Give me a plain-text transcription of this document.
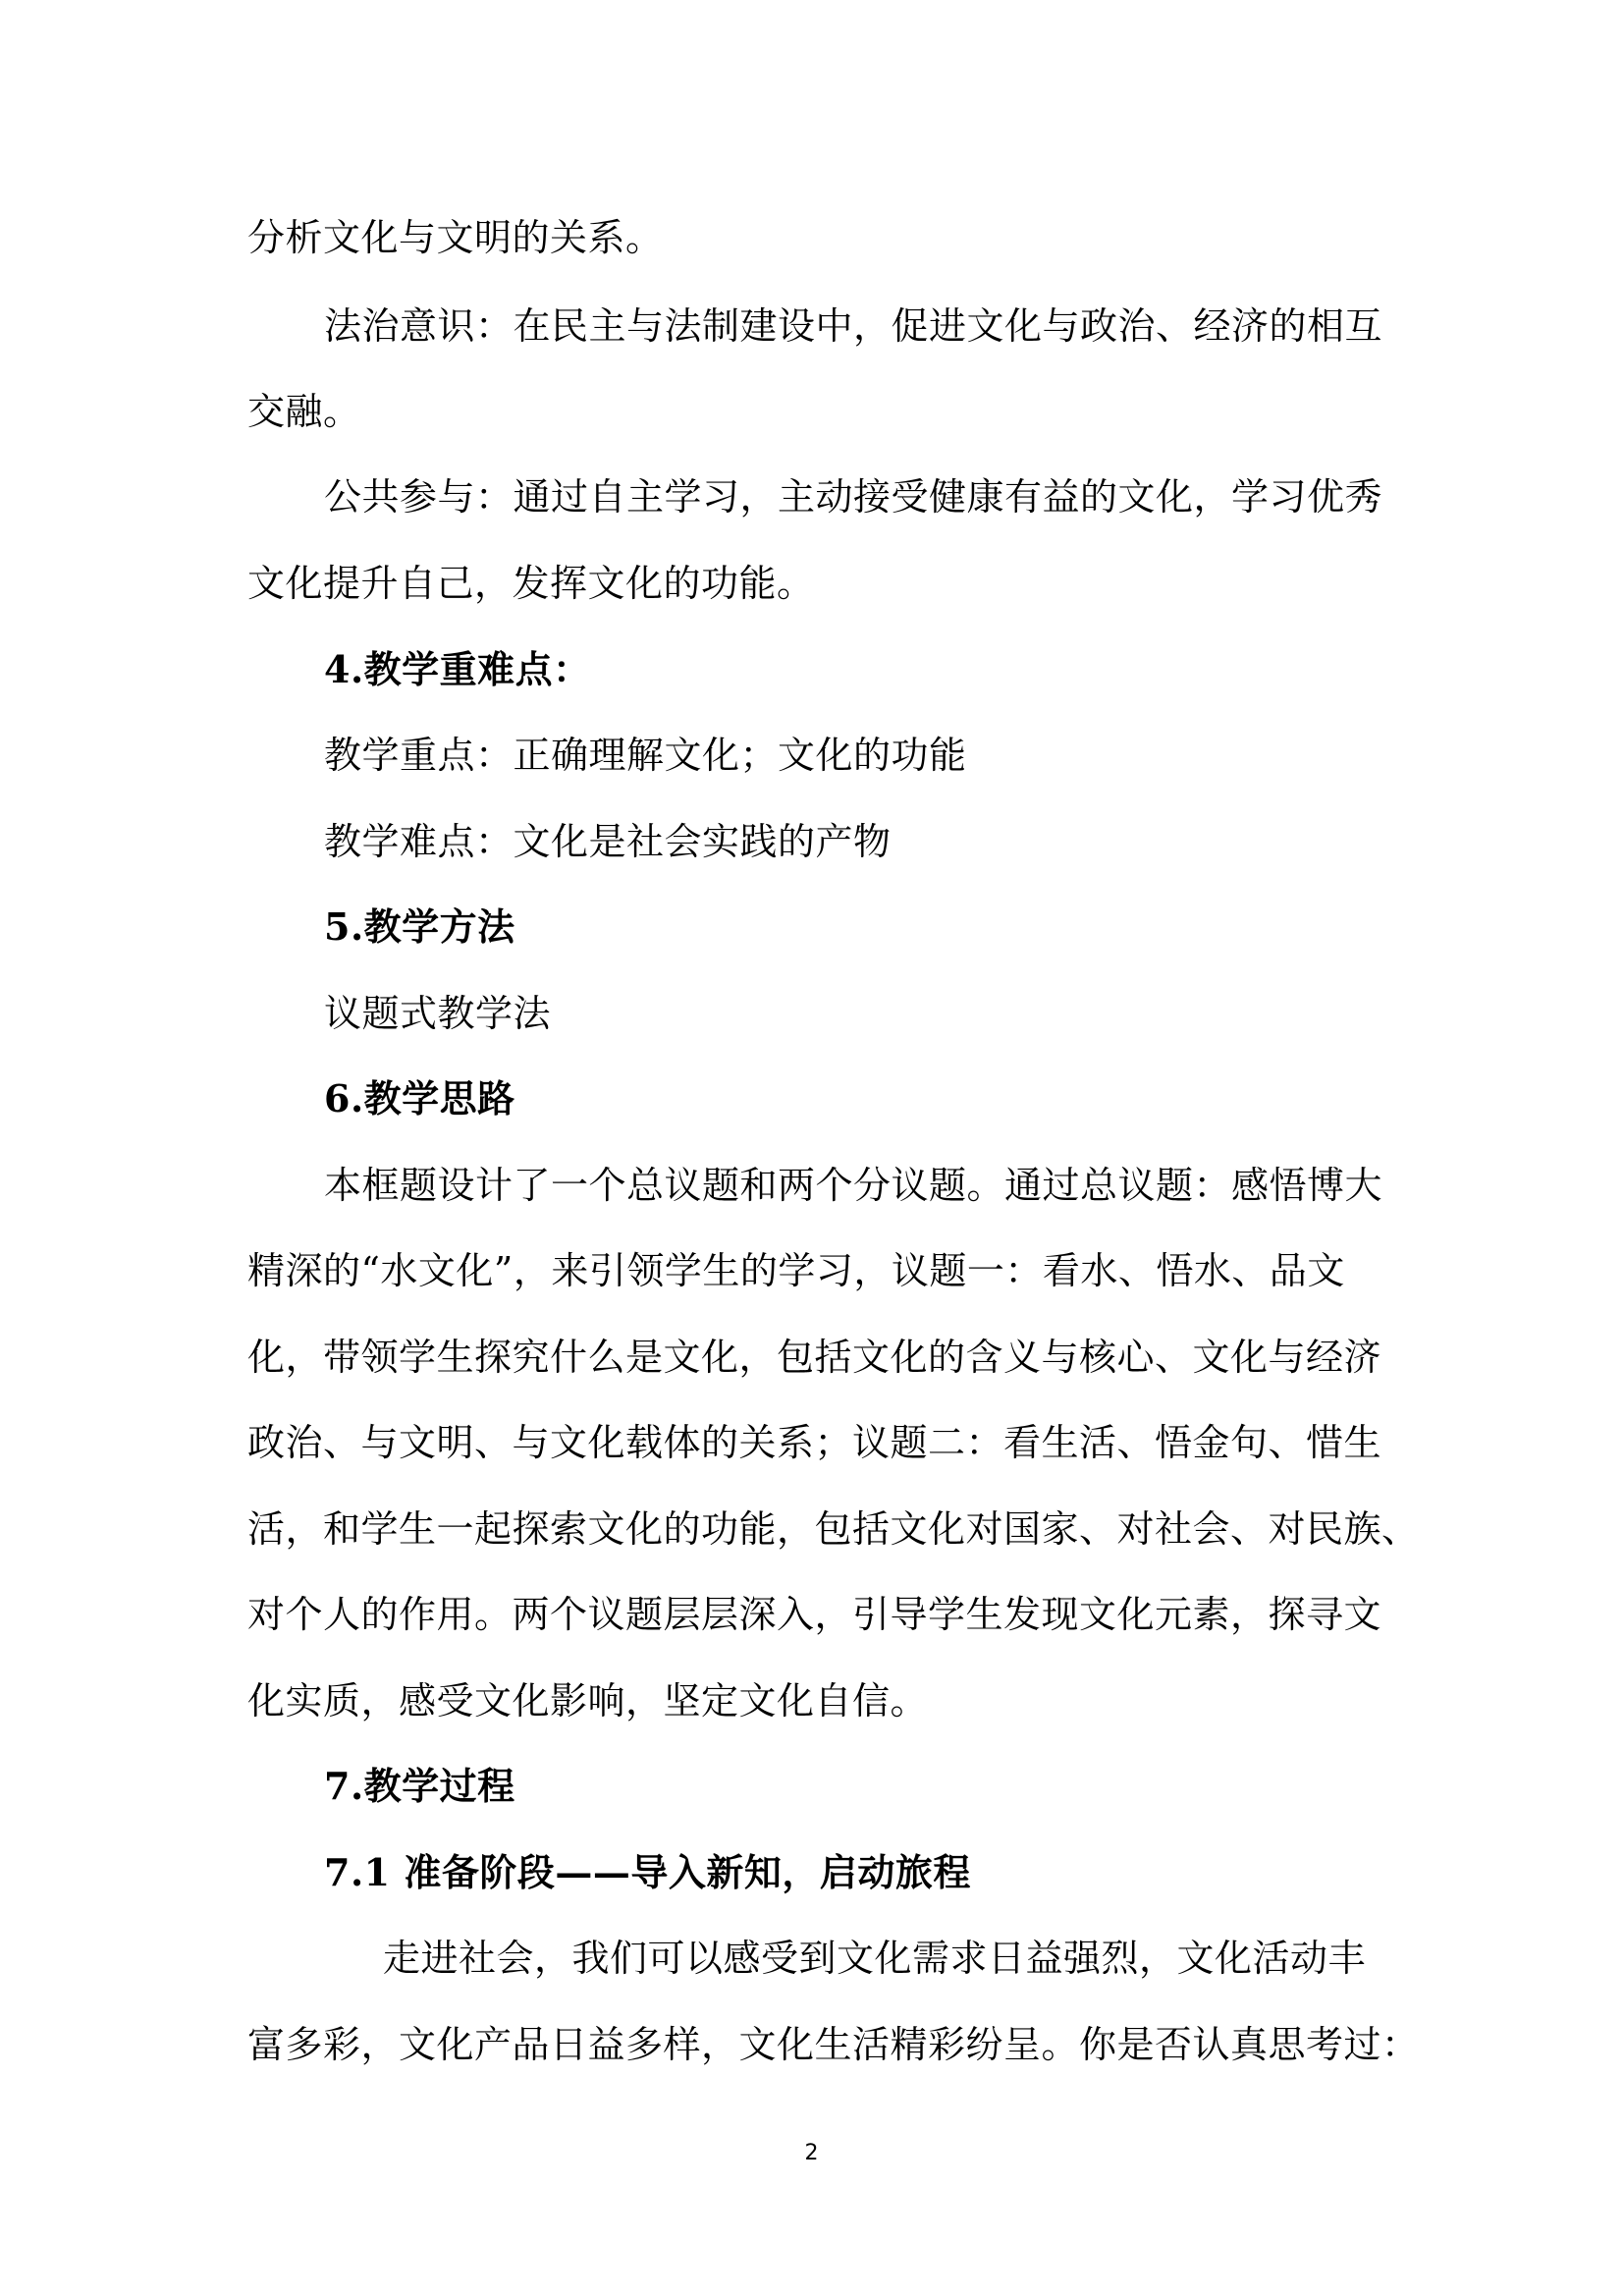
分析文化与文明的关系。
法治意识：在民主与法制建设中，促进文化与政治、经济的相互
交融。
公共参与：通过自主学习，主动接受健康有益的文化，学习优秀
文化提升自己，发挥文化的功能。
4.教学重难点：
教学重点：正确理解文化；文化的功能
教学难点：文化是社会实践的产物
5.教学方法
议题式教学法
6.教学思路
本框题设计了一个总议题和两个分议题。通过总议题：感悟博大
精深的“水文化”，来引领学生的学习，议题一：看水、悟水、品文
化，带领学生探究什么是文化，包括文化的含义与核心、文化与经济
政治、与文明、与文化载体的关系；议题二：看生活、悟金句、惜生
活，和学生一起探索文化的功能，包括文化对国家、对社会、对民族、
对个人的作用。两个议题层层深入，引导学生发现文化元素，探寻文
化实质，感受文化影响，坚定文化自信。
7.教学过程
7.1 准备阶段——导入新知，启动旅程
走进社会，我们可以感受到文化需求日益强烈，文化活动丰
富多彩，文化产品日益多样，文化生活精彩纷呈。你是否认真思考过：
2
